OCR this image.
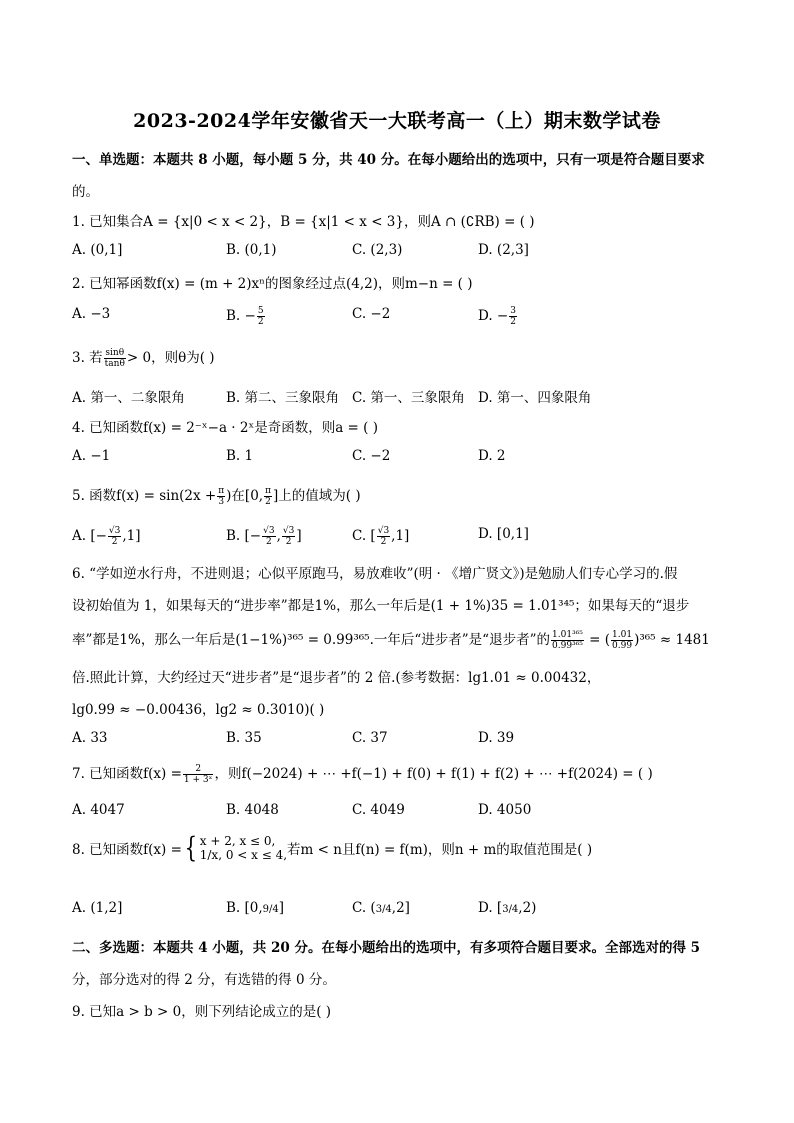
2023-2024学年安徽省天一大联考高一（上）期末数学试卷
一、单选题：本题共 8 小题，每小题 5 分，共 40 分。在每小题给出的选项中，只有一项是符合题目要求
的。
1. 已知集合A = {x|0 < x < 2}，B = {x|1 < x < 3}，则A ∩ (∁RB) = ( )
A. (0,1]	B. (0,1)	C. (2,3)	D. (2,3]
2. 已知幂函数f(x) = (m + 2)xⁿ的图象经过点(4,2)，则m−n = ( )
A. −3	B. − $\frac{5}{2}$	C. −2	D. − $\frac{3}{2}$
3. 若 $\frac{\sin\theta}{\tan\theta} > 0$，则θ为( )
A. 第一、二象限角	B. 第二、三象限角 C. 第一、三象限角 D. 第一、四象限角
4. 已知函数f(x) = 2⁻ˣ−a · 2ˣ是奇函数，则a = ( )
A. −1	B. 1	C. −2	D. 2
5. 函数$f(x) = \sin(2x + \frac{\pi}{3}$ )在[0, $\frac{\pi}{2}$ ]上的值域为( )
A. [− $\frac{√3}{2} ,1$]	B. [− $\frac{√3}{2}$ , $\frac{√3}{2}$ ]	C. [ $\frac{√3}{2} ,1$]	D. [0,1]
6. “学如逆水行舟，不进则退；心似平原跑马，易放难收”(明 · 《增广贤文》)是勉励人们专心学习的.假
设初始值为 1，如果每天的“进步率”都是1%，那么一年后是(1 + 1%)35 = 1.01³⁴⁵；如果每天的“退步
率”都是1%，那么一年后是(1−1%)³⁶⁵ = 0.99³⁶⁵.一年后“进步者”是“退步者”的 $\frac{\text{1.01³⁶⁵}}{\text{0.99³⁶⁵}}$ = ( $\frac{1.01}{0.99} )^{365} \approx 1481$
倍.照此计算，大约经过天“进步者”是“退步者”的 2 倍.(参考数据：lg1.01 ≈ 0.00432，
lg0.99 ≈ −0.00436，lg2 ≈ 0.3010)( )
A. 33	B. 35	C. 37	D. 39
7. 已知函数$f(x) = \frac{2}{\text{1 + 3ˣ}}$ ，则f(−2024) + ⋯ +f(−1) + f(0) + f(1) + f(2) + ⋯ +f(2024) = ( )
A. 4047	B. 4048	C. 4049	D. 4050
8. 已知函数f(x) ={ x + 2, x ≤ 0,
1/x, 0 < x ≤ 4, 若m < n且f(n) = f(m)，则n + m的取值范围是( )
A. (1,2]	B. [0,9/4]	C. (3/4,2]	D. [3/4,2)
二、多选题：本题共 4 小题，共 20 分。在每小题给出的选项中，有多项符合题目要求。全部选对的得 5
分，部分选对的得 2 分，有选错的得 0 分。
9. 已知a > b > 0，则下列结论成立的是( )
